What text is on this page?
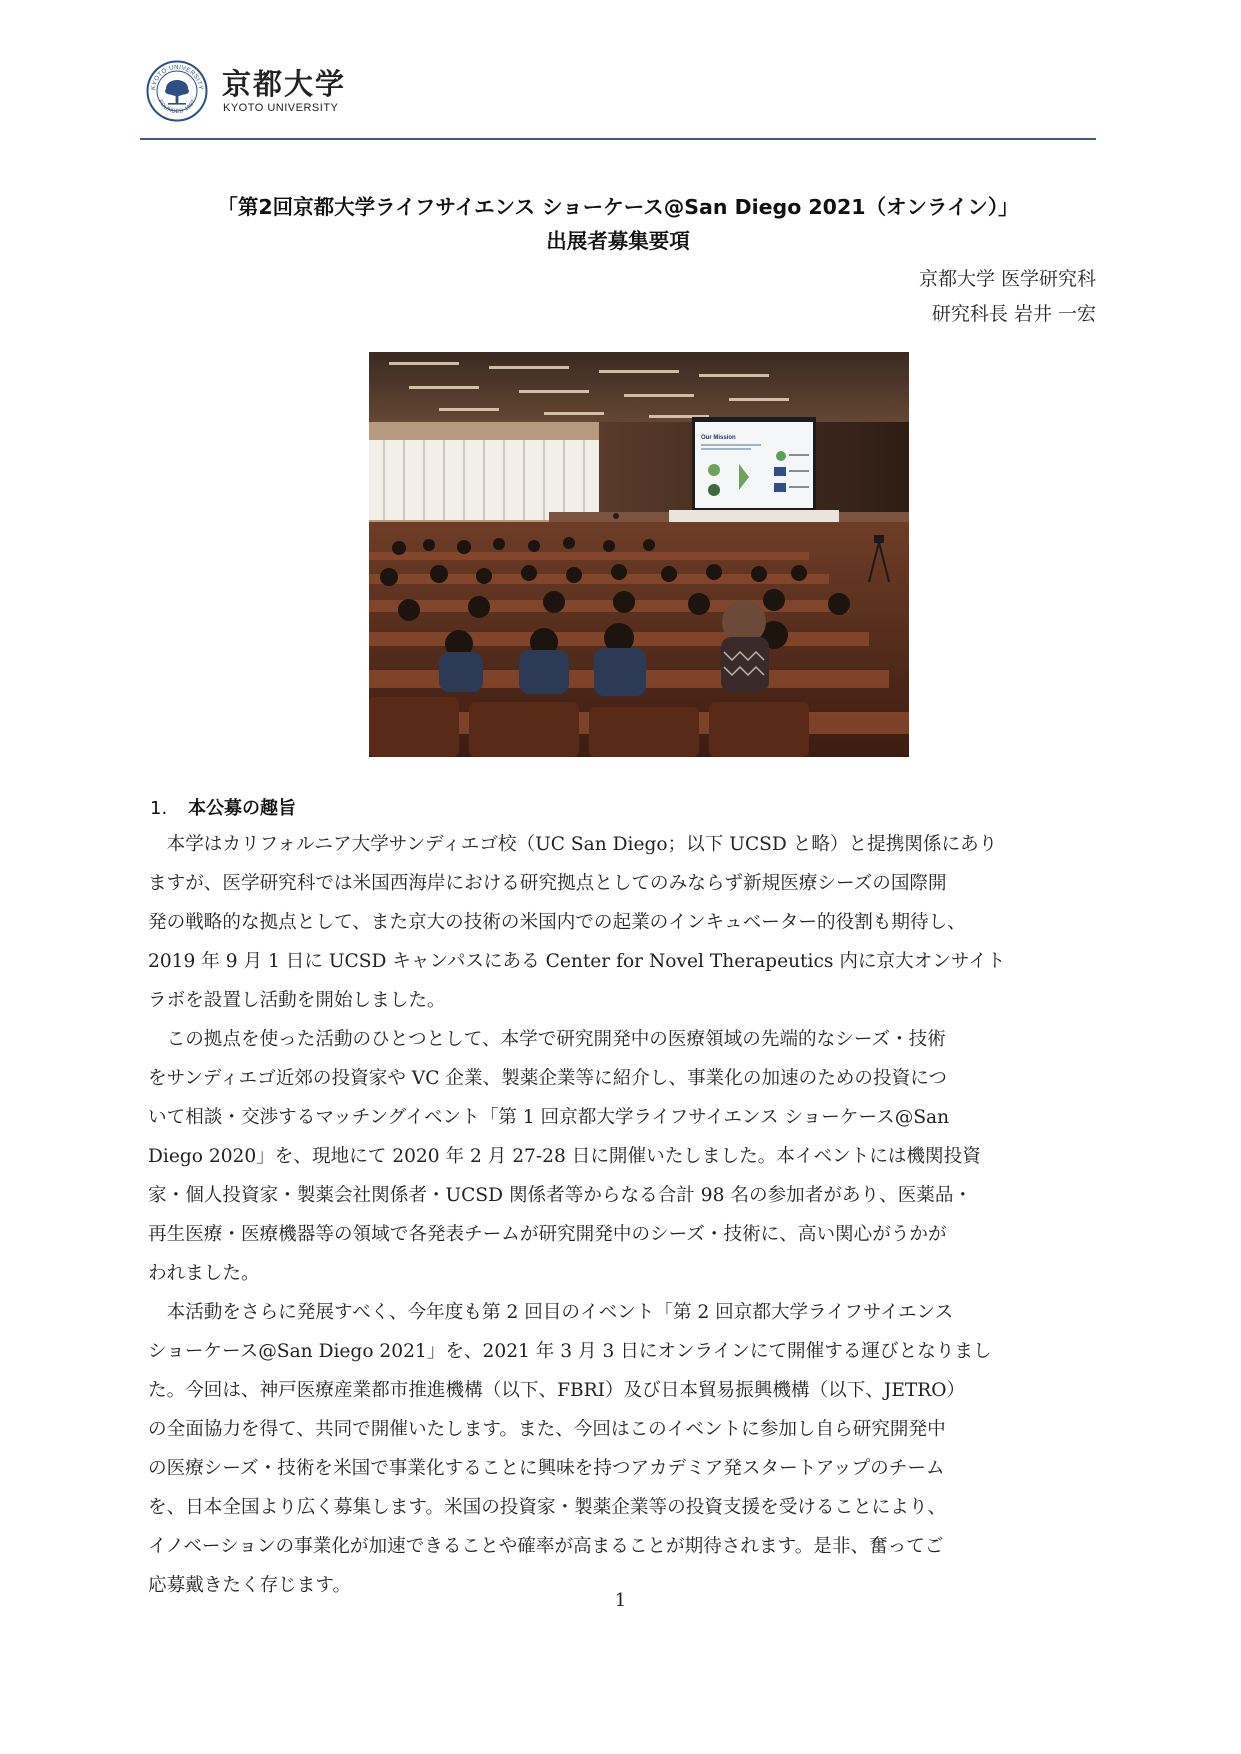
KYOTO UNIVERSITY
FOUNDED 1897
京都大学
KYOTO UNIVERSITY
「第2回京都大学ライフサイエンス ショーケース@San Diego 2021（オンライン）」
出展者募集要項
京都大学 医学研究科
研究科長 岩井 一宏
Our Mission
1. 本公募の趣旨
　本学はカリフォルニア大学サンディエゴ校（UC San Diego；以下 UCSD と略）と提携関係にあり
ますが、医学研究科では米国西海岸における研究拠点としてのみならず新規医療シーズの国際開
発の戦略的な拠点として、また京大の技術の米国内での起業のインキュベーター的役割も期待し、
2019 年 9 月 1 日に UCSD キャンパスにある Center for Novel Therapeutics 内に京大オンサイト
ラボを設置し活動を開始しました。
　この拠点を使った活動のひとつとして、本学で研究開発中の医療領域の先端的なシーズ・技術
をサンディエゴ近郊の投資家や VC 企業、製薬企業等に紹介し、事業化の加速のための投資につ
いて相談・交渉するマッチングイベント「第 1 回京都大学ライフサイエンス ショーケース@San
Diego 2020」を、現地にて 2020 年 2 月 27-28 日に開催いたしました。本イベントには機関投資
家・個人投資家・製薬会社関係者・UCSD 関係者等からなる合計 98 名の参加者があり、医薬品・
再生医療・医療機器等の領域で各発表チームが研究開発中のシーズ・技術に、高い関心がうかが
われました。
　本活動をさらに発展すべく、今年度も第 2 回目のイベント「第 2 回京都大学ライフサイエンス
ショーケース@San Diego 2021」を、2021 年 3 月 3 日にオンラインにて開催する運びとなりまし
た。今回は、神戸医療産業都市推進機構（以下、FBRI）及び日本貿易振興機構（以下、JETRO）
の全面協力を得て、共同で開催いたします。また、今回はこのイベントに参加し自ら研究開発中
の医療シーズ・技術を米国で事業化することに興味を持つアカデミア発スタートアップのチーム
を、日本全国より広く募集します。米国の投資家・製薬企業等の投資支援を受けることにより、
イノベーションの事業化が加速できることや確率が高まることが期待されます。是非、奮ってご
応募戴きたく存じます。
1
